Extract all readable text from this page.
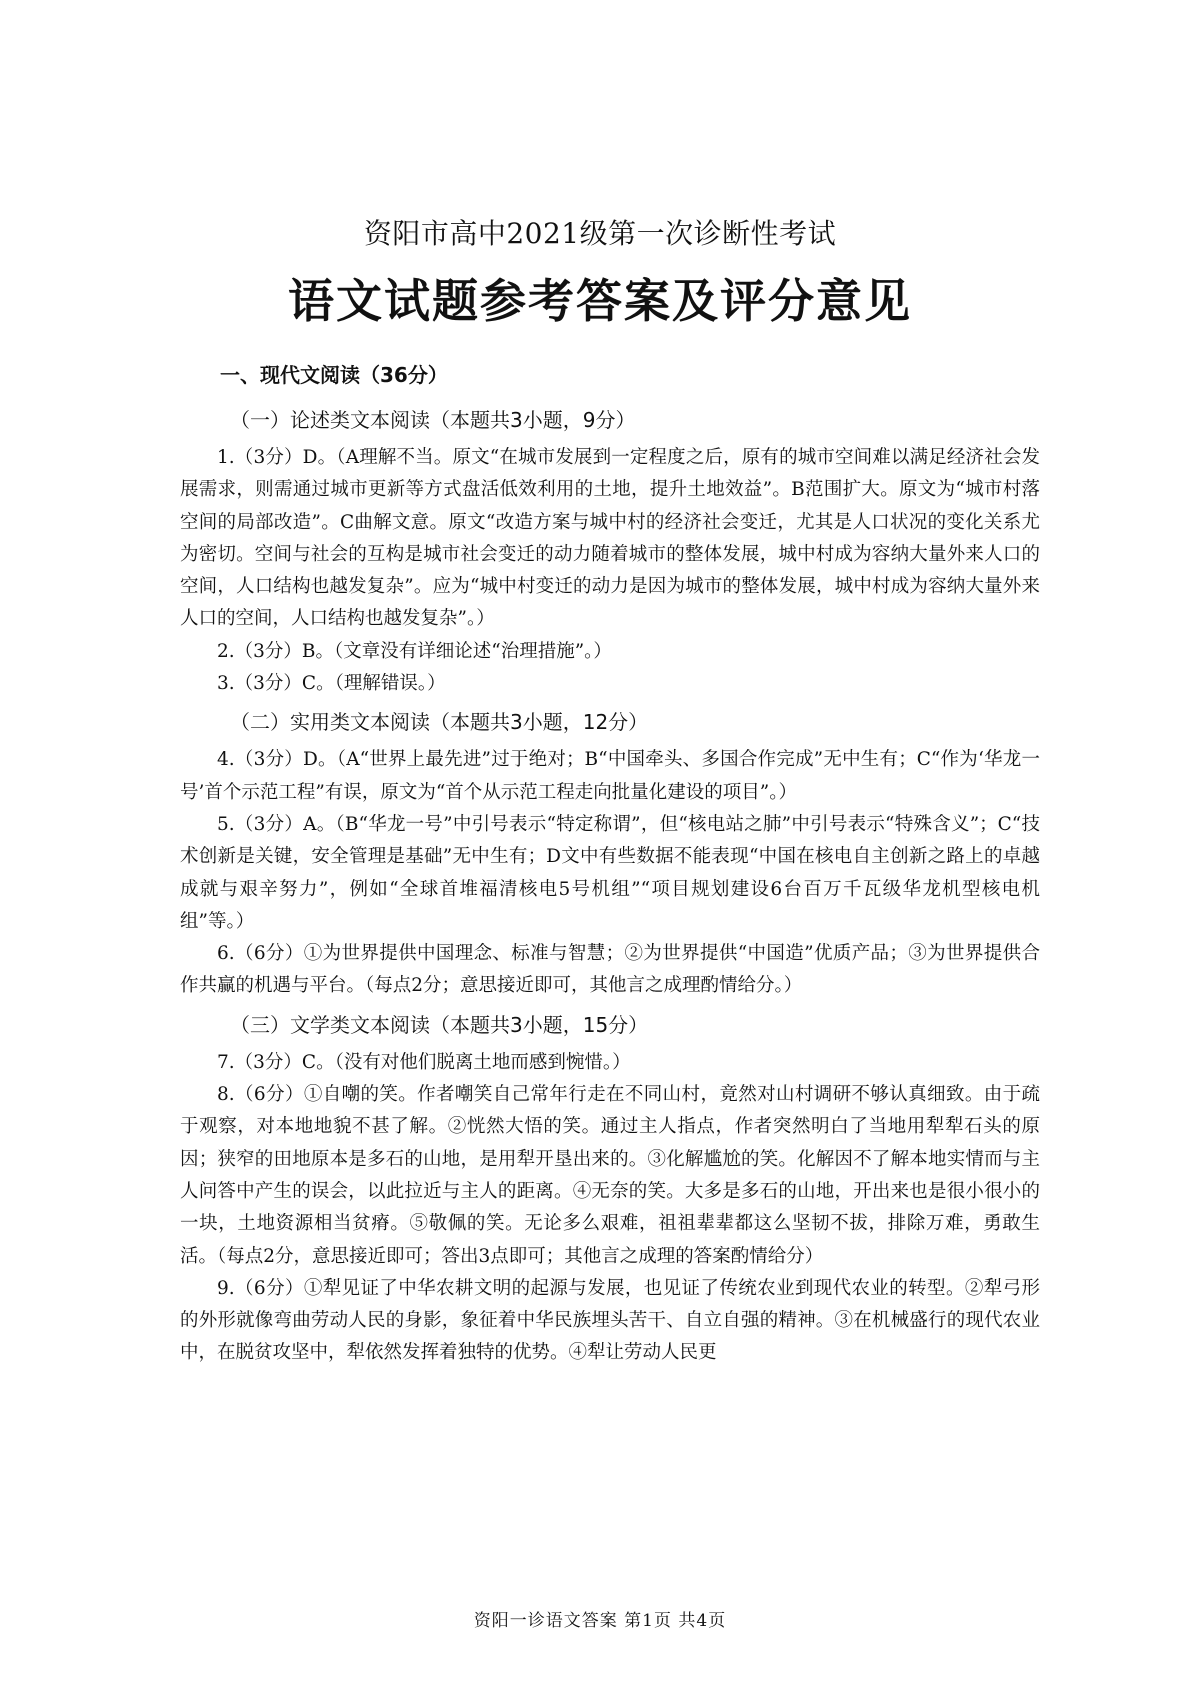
资阳市高中2021级第一次诊断性考试
语文试题参考答案及评分意见
一、现代文阅读（36分）
（一）论述类文本阅读（本题共3小题，9分）

1.（3分）D。（A理解不当。原文“在城市发展到一定程度之后，原有的城市空间难以满足经济社会发展需求，则需通过城市更新等方式盘活低效利用的土地，提升土地效益”。B范围扩大。原文为“城市村落空间的局部改造”。C曲解文意。原文“改造方案与城中村的经济社会变迁，尤其是人口状况的变化关系尤为密切。空间与社会的互构是城市社会变迁的动力随着城市的整体发展，城中村成为容纳大量外来人口的空间，人口结构也越发复杂”。应为“城中村变迁的动力是因为城市的整体发展，城中村成为容纳大量外来人口的空间，人口结构也越发复杂”。）

2.（3分）B。（文章没有详细论述“治理措施”。）

3.（3分）C。（理解错误。）

（二）实用类文本阅读（本题共3小题，12分）

4.（3分）D。（A“世界上最先进”过于绝对；B“中国牵头、多国合作完成”无中生有；C“作为‘华龙一号’首个示范工程”有误，原文为“首个从示范工程走向批量化建设的项目”。）

5.（3分）A。（B“华龙一号”中引号表示“特定称谓”，但“核电站之肺”中引号表示“特殊含义”；C“技术创新是关键，安全管理是基础”无中生有；D文中有些数据不能表现“中国在核电自主创新之路上的卓越成就与艰辛努力”，例如“全球首堆福清核电5号机组”“项目规划建设6台百万千瓦级华龙机型核电机组”等。）

6.（6分）①为世界提供中国理念、标准与智慧；②为世界提供“中国造”优质产品；③为世界提供合作共赢的机遇与平台。（每点2分；意思接近即可，其他言之成理酌情给分。）

（三）文学类文本阅读（本题共3小题，15分）

7.（3分）C。（没有对他们脱离土地而感到惋惜。）

8.（6分）①自嘲的笑。作者嘲笑自己常年行走在不同山村，竟然对山村调研不够认真细致。由于疏于观察，对本地地貌不甚了解。②恍然大悟的笑。通过主人指点，作者突然明白了当地用犁犁石头的原因；狭窄的田地原本是多石的山地，是用犁开垦出来的。③化解尴尬的笑。化解因不了解本地实情而与主人问答中产生的误会，以此拉近与主人的距离。④无奈的笑。大多是多石的山地，开出来也是很小很小的一块，土地资源相当贫瘠。⑤敬佩的笑。无论多么艰难，祖祖辈辈都这么坚韧不拔，排除万难，勇敢生活。（每点2分，意思接近即可；答出3点即可；其他言之成理的答案酌情给分）

9.（6分）①犁见证了中华农耕文明的起源与发展，也见证了传统农业到现代农业的转型。②犁弓形的外形就像弯曲劳动人民的身影，象征着中华民族埋头苦干、自立自强的精神。③在机械盛行的现代农业中，在脱贫攻坚中，犁依然发挥着独特的优势。④犁让劳动人民更

资阳一诊语文答案 第1页 共4页
